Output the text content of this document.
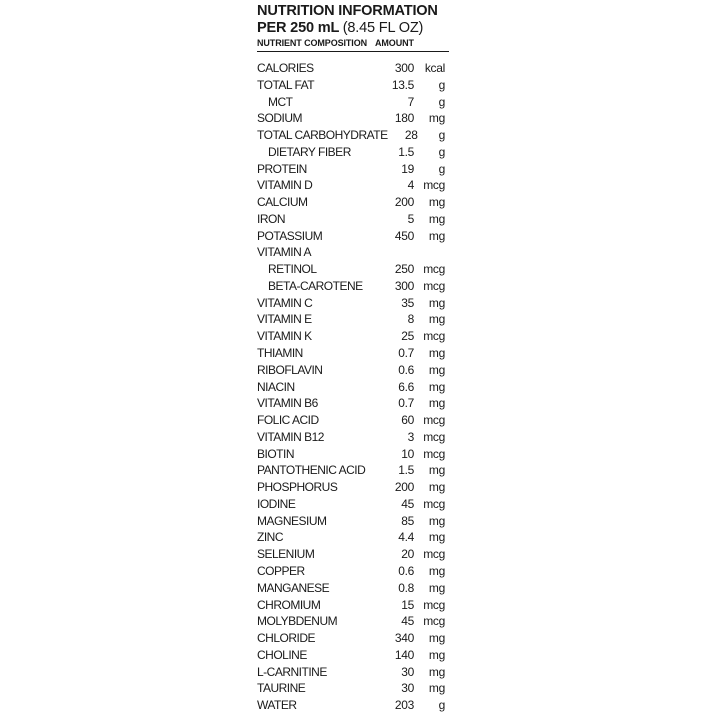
NUTRITION INFORMATION
PER 250 mL (8.45 FL OZ)
NUTRIENT COMPOSITION AMOUNT
CALORIES	300 kcal
TOTAL FAT	13.5	g
MCT	7	g
SODIUM	180	mg
TOTAL CARBOHYDRATE	28	g
DIETARY FIBER	1.5	g
PROTEIN	19	g
VITAMIN D	4 mcg
CALCIUM	200	mg
IRON	5	mg
POTASSIUM	450	mg
VITAMIN A
RETINOL	250 mcg
BETA-CAROTENE	300 mcg
VITAMIN C	35	mg
VITAMIN E	8	mg
VITAMIN K	25 mcg
THIAMIN	0.7	mg
RIBOFLAVIN	0.6	mg
NIACIN	6.6	mg
VITAMIN B6	0.7	mg
FOLIC ACID	60 mcg
VITAMIN B12	3 mcg
BIOTIN	10 mcg
PANTOTHENIC ACID	1.5	mg
PHOSPHORUS	200	mg
IODINE	45 mcg
MAGNESIUM	85	mg
ZINC	4.4	mg
SELENIUM	20 mcg
COPPER	0.6	mg
MANGANESE	0.8	mg
CHROMIUM	15 mcg
MOLYBDENUM	45 mcg
CHLORIDE	340	mg
CHOLINE	140	mg
L-CARNITINE	30	mg
TAURINE	30	mg
WATER	203	g
